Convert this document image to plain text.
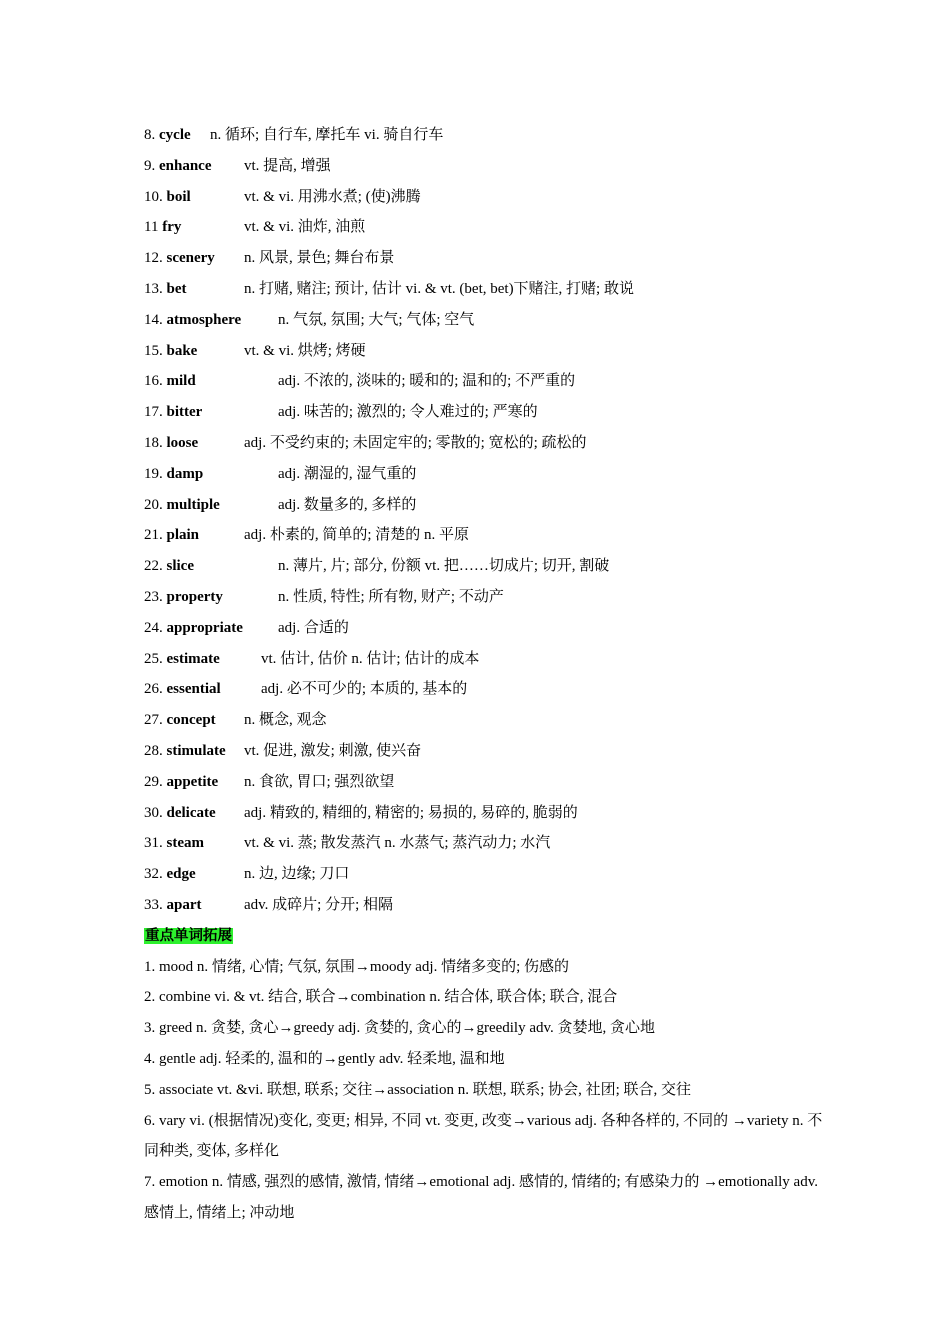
8. cycle n. 循环; 自行车, 摩托车 vi. 骑自行车
9. enhance vt. 提高, 增强
10. boil	vt. & vi. 用沸水煮; (使)沸腾
11 fry	vt. & vi. 油炸, 油煎
12. scenery n. 风景, 景色; 舞台布景
13. bet	n. 打赌, 赌注; 预计, 估计 vi. & vt. (bet, bet)下赌注, 打赌; 敢说
14. atmosphere n. 气氛, 氛围; 大气; 气体; 空气
15. bake	vt. & vi. 烘烤; 烤硬
16. mild	adj. 不浓的, 淡味的; 暖和的; 温和的; 不严重的
17. bitter	adj. 味苦的; 激烈的; 令人难过的; 严寒的
18. loose	adj. 不受约束的; 未固定牢的; 零散的; 宽松的; 疏松的
19. damp	adj. 潮湿的, 湿气重的
20. multiple	adj. 数量多的, 多样的
21. plain	adj. 朴素的, 简单的; 清楚的 n. 平原
22. slice	n. 薄片, 片; 部分, 份额 vt. 把……切成片; 切开, 割破
23. property	n. 性质, 特性; 所有物, 财产; 不动产
24. appropriate adj. 合适的
25. estimate	vt. 估计, 估价 n. 估计; 估计的成本
26. essential	adj. 必不可少的; 本质的, 基本的
27. concept n. 概念, 观念
28. stimulate vt. 促进, 激发; 刺激, 使兴奋
29. appetite n. 食欲, 胃口; 强烈欲望
30. delicate adj. 精致的, 精细的, 精密的; 易损的, 易碎的, 脆弱的
31. steam	vt. & vi. 蒸; 散发蒸汽 n. 水蒸气; 蒸汽动力; 水汽
32. edge	n. 边, 边缘; 刀口
33. apart	adv. 成碎片; 分开; 相隔
重点单词拓展
1. mood n. 情绪, 心情; 气氛, 氛围→moody adj. 情绪多变的; 伤感的
2. combine vi. & vt. 结合, 联合→combination n. 结合体, 联合体; 联合, 混合
3. greed n. 贪婪, 贪心→greedy adj. 贪婪的, 贪心的→greedily adv. 贪婪地, 贪心地
4. gentle adj. 轻柔的, 温和的→gently adv. 轻柔地, 温和地
5. associate vt. &vi. 联想, 联系; 交往→association n. 联想, 联系; 协会, 社团; 联合, 交往
6. vary vi. (根据情况)变化, 变更; 相异, 不同 vt. 变更, 改变→various adj. 各种各样的, 不同的 →variety n. 不同种类, 变体, 多样化
7. emotion n. 情感, 强烈的感情, 激情, 情绪→emotional adj. 感情的, 情绪的; 有感染力的 →emotionally adv. 感情上, 情绪上; 冲动地
